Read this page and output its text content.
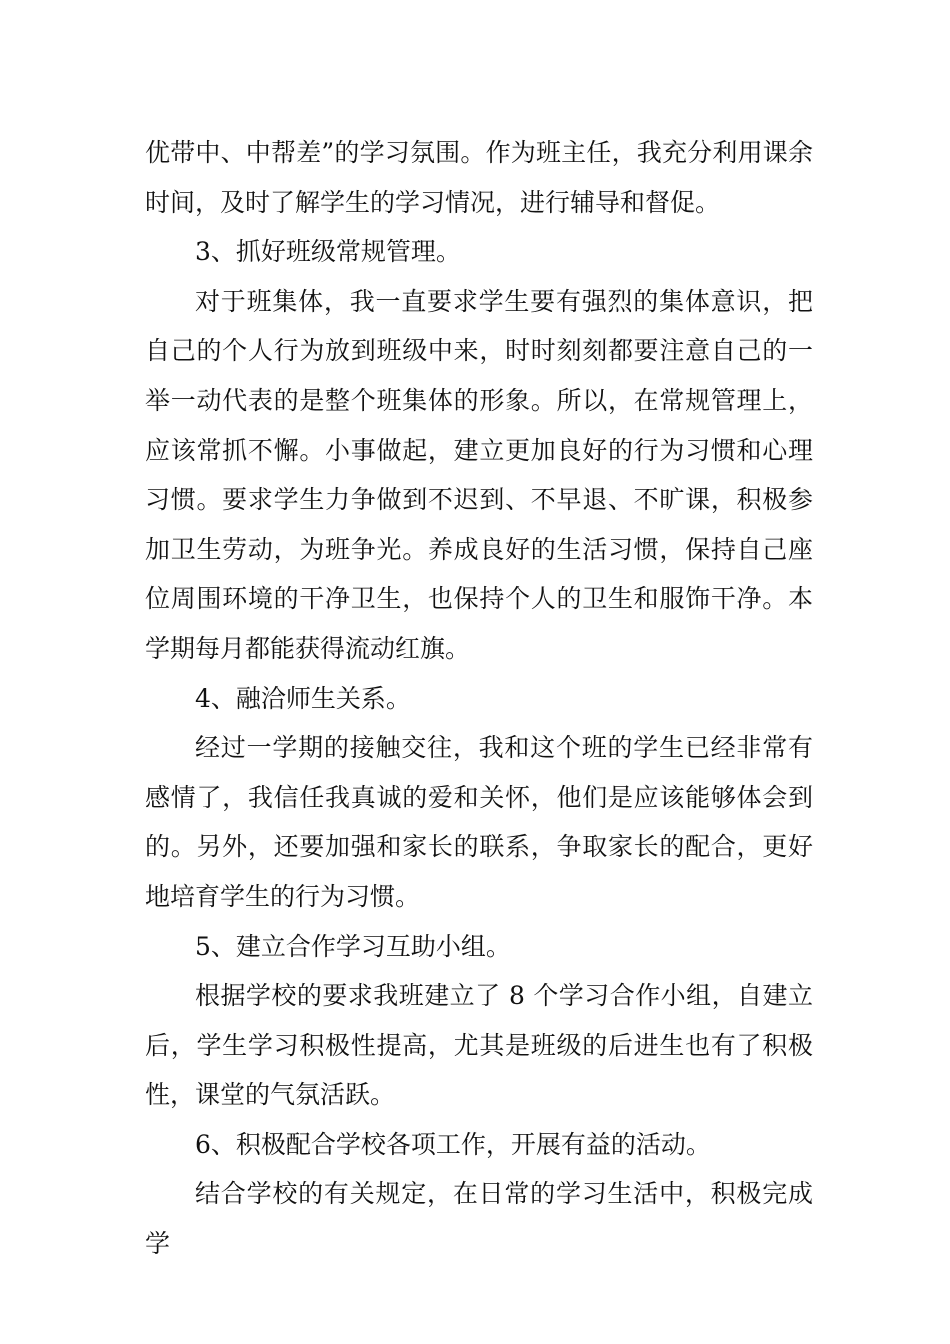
优带中、中帮差”的学习氛围。作为班主任，我充分利用课余时间，及时了解学生的学习情况，进行辅导和督促。

3、抓好班级常规管理。

对于班集体，我一直要求学生要有强烈的集体意识，把自己的个人行为放到班级中来，时时刻刻都要注意自己的一举一动代表的是整个班集体的形象。所以，在常规管理上，应该常抓不懈。小事做起，建立更加良好的行为习惯和心理习惯。要求学生力争做到不迟到、不早退、不旷课，积极参加卫生劳动，为班争光。养成良好的生活习惯，保持自己座位周围环境的干净卫生，也保持个人的卫生和服饰干净。本学期每月都能获得流动红旗。

4、融洽师生关系。

经过一学期的接触交往，我和这个班的学生已经非常有感情了，我信任我真诚的爱和关怀，他们是应该能够体会到的。另外，还要加强和家长的联系，争取家长的配合，更好地培育学生的行为习惯。

5、建立合作学习互助小组。

根据学校的要求我班建立了 8 个学习合作小组，自建立后，学生学习积极性提高，尤其是班级的后进生也有了积极性，课堂的气氛活跃。

6、积极配合学校各项工作，开展有益的活动。

结合学校的有关规定，在日常的学习生活中，积极完成学
